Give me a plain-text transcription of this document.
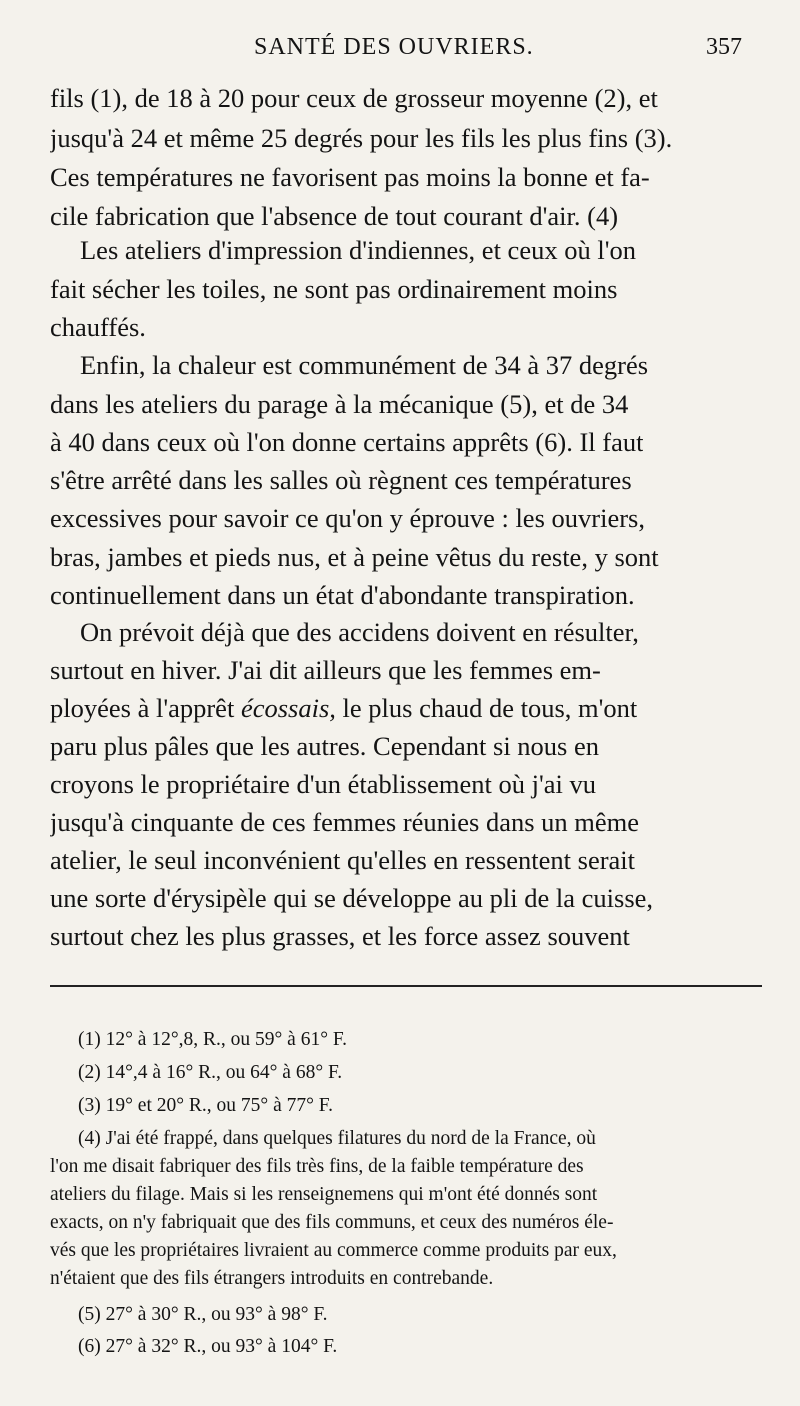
SANTÉ DES OUVRIERS.	357
fils (1), de 18 à 20 pour ceux de grosseur moyenne (2), et
jusqu'à 24 et même 25 degrés pour les fils les plus fins (3).
Ces températures ne favorisent pas moins la bonne et fa-
cile fabrication que l'absence de tout courant d'air. (4)
Les ateliers d'impression d'indiennes, et ceux où l'on
fait sécher les toiles, ne sont pas ordinairement moins
chauffés.
Enfin, la chaleur est communément de 34 à 37 degrés
dans les ateliers du parage à la mécanique (5), et de 34
à 40 dans ceux où l'on donne certains apprêts (6). Il faut
s'être arrêté dans les salles où règnent ces températures
excessives pour savoir ce qu'on y éprouve : les ouvriers,
bras, jambes et pieds nus, et à peine vêtus du reste, y sont
continuellement dans un état d'abondante transpiration.
On prévoit déjà que des accidens doivent en résulter,
surtout en hiver. J'ai dit ailleurs que les femmes em-
ployées à l'apprêt écossais, le plus chaud de tous, m'ont
paru plus pâles que les autres. Cependant si nous en
croyons le propriétaire d'un établissement où j'ai vu
jusqu'à cinquante de ces femmes réunies dans un même
atelier, le seul inconvénient qu'elles en ressentent serait
une sorte d'érysipèle qui se développe au pli de la cuisse,
surtout chez les plus grasses, et les force assez souvent
(1) 12° à 12°,8, R., ou 59° à 61° F.
(2) 14°,4 à 16° R., ou 64° à 68° F.
(3) 19° et 20° R., ou 75° à 77° F.
(4) J'ai été frappé, dans quelques filatures du nord de la France, où
l'on me disait fabriquer des fils très fins, de la faible température des
ateliers du filage. Mais si les renseignemens qui m'ont été donnés sont
exacts, on n'y fabriquait que des fils communs, et ceux des numéros éle-
vés que les propriétaires livraient au commerce comme produits par eux,
n'étaient que des fils étrangers introduits en contrebande.
(5) 27° à 30° R., ou 93° à 98° F.
(6) 27° à 32° R., ou 93° à 104° F.
